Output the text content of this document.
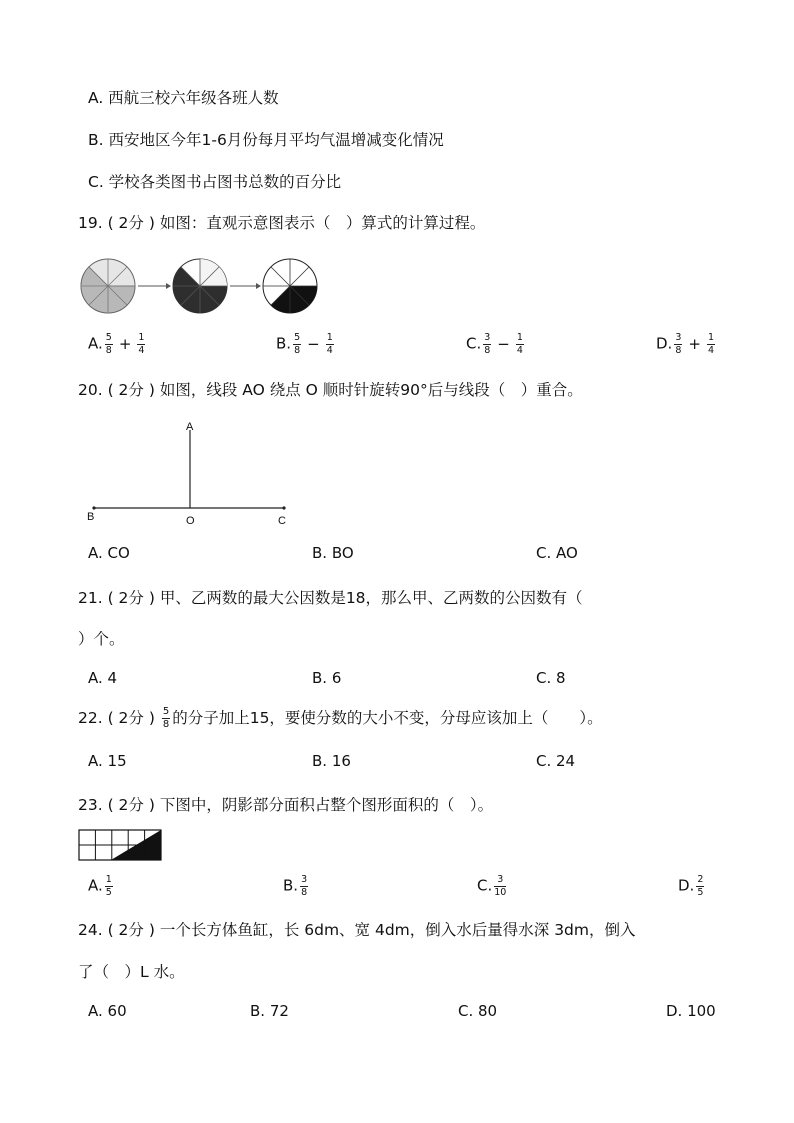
A. 西航三校六年级各班人数
B. 西安地区今年1-6月份每月平均气温增减变化情况
C. 学校各类图书占图书总数的百分比
19. ( 2分 ) 如图：直观示意图表示（　）算式的计算过程。
A. $\frac{5}{8} + \frac{1}{4}$	B. $\frac{5}{8} - \frac{1}{4}$	C. $\frac{3}{8} - \frac{1}{4}$	D. $\frac{3}{8} + \frac{1}{4}$
20. ( 2分 ) 如图，线段 AO 绕点 O 顺时针旋转90°后与线段（　）重合。
A
B	O	C
A. CO	B. BO	C. AO
21. ( 2分 ) 甲、乙两数的最大公因数是18，那么甲、乙两数的公因数有（
）个。
A. 4	B. 6	C. 8
22. ( 2分 ) $\frac{5}{8}$ 的分子加上15，要使分数的大小不变，分母应该加上（　　）。
A. 15	B. 16	C. 24
23. ( 2分 ) 下图中，阴影部分面积占整个图形面积的（　）。
A. $\frac{1}{5}$	B. $\frac{3}{8}$	C. $\frac{3}{10}$	D. $\frac{2}{5}$
24. ( 2分 ) 一个长方体鱼缸，长 6dm、宽 4dm，倒入水后量得水深 3dm，倒入
了（　）L 水。
A. 60	B. 72	C. 80	D. 100
